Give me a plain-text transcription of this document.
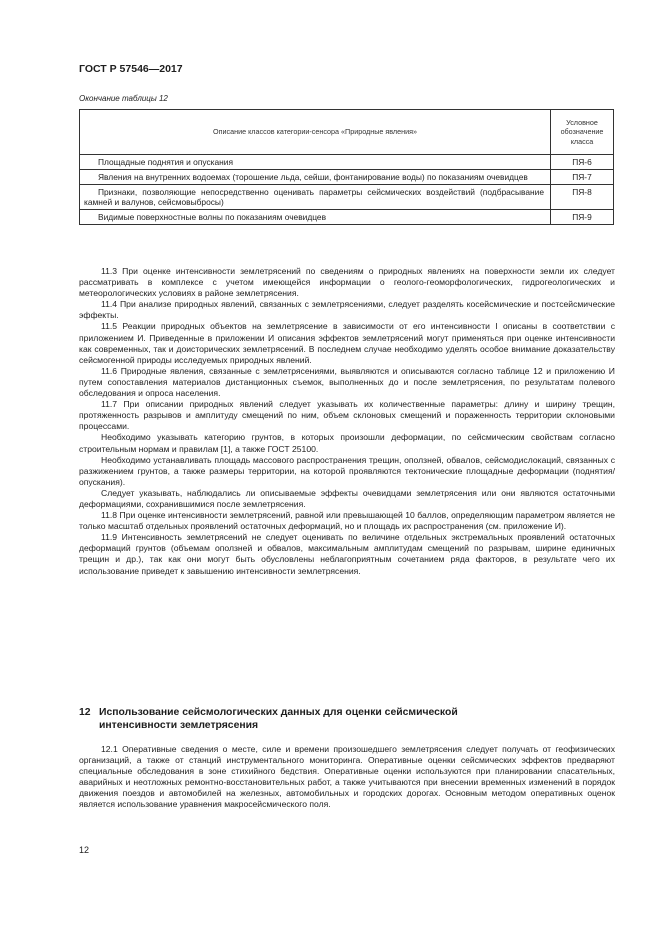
ГОСТ Р 57546—2017
Окончание таблицы 12
Описание классов категории-сенсора «Природные явления»	Условное обозначение класса
Площадные поднятия и опускания	ПЯ-6
Явления на внутренних водоемах (торошение льда, сейши, фонтанирование воды) по показаниям очевидцев	ПЯ-7
Признаки, позволяющие непосредственно оценивать параметры сейсмических воздействий (подбрасывание камней и валунов, сейсмовыбросы)	ПЯ-8
Видимые поверхностные волны по показаниям очевидцев	ПЯ-9

11.3 При оценке интенсивности землетрясений по сведениям о природных явлениях на поверхности земли их следует рассматривать в комплексе с учетом имеющейся информации о геолого-геоморфологических, гидрогеологических и метеорологических условиях в районе землетрясения.

11.4 При анализе природных явлений, связанных с землетрясениями, следует разделять косейсмические и постсейсмические эффекты.

11.5 Реакции природных объектов на землетрясение в зависимости от его интенсивности I описаны в соответствии с приложением И. Приведенные в приложении И описания эффектов землетрясений могут применяться при оценке интенсивности как современных, так и доисторических землетрясений. В последнем случае необходимо уделять особое внимание доказательству сейсмогенной природы исследуемых природных явлений.

11.6 Природные явления, связанные с землетрясениями, выявляются и описываются согласно таблице 12 и приложению И путем сопоставления материалов дистанционных съемок, выполненных до и после землетрясения, по результатам полевого обследования и опроса населения.

11.7 При описании природных явлений следует указывать их количественные параметры: длину и ширину трещин, протяженность разрывов и амплитуду смещений по ним, объем склоновых смещений и пораженность территории склоновыми процессами.

Необходимо указывать категорию грунтов, в которых произошли деформации, по сейсмическим свойствам согласно строительным нормам и правилам [1], а также ГОСТ 25100.

Необходимо устанавливать площадь массового распространения трещин, оползней, обвалов, сейсмодислокаций, связанных с разжижением грунтов, а также размеры территории, на которой проявляются тектонические площадные деформации (поднятия/опускания).

Следует указывать, наблюдались ли описываемые эффекты очевидцами землетрясения или они являются остаточными деформациями, сохранившимися после землетрясения.

11.8 При оценке интенсивности землетрясений, равной или превышающей 10 баллов, определяющим параметром является не только масштаб отдельных проявлений остаточных деформаций, но и площадь их распространения (см. приложение И).

11.9 Интенсивность землетрясений не следует оценивать по величине отдельных экстремальных проявлений остаточных деформаций грунтов (объемам оползней и обвалов, максимальным амплитудам смещений по разрывам, ширине единичных трещин и др.), так как они могут быть обусловлены неблагоприятным сочетанием ряда факторов, в результате чего их использование приведет к завышению интенсивности землетрясения.

12 Использование сейсмологических данных для оценки сейсмической
интенсивности землетрясения

12.1 Оперативные сведения о месте, силе и времени произошедшего землетрясения следует получать от геофизических организаций, а также от станций инструментального мониторинга. Оперативные оценки сейсмических эффектов предваряют специальные обследования в зоне стихийного бедствия. Оперативные оценки используются при планировании спасательных, аварийных и неотложных ремонтно-восстановительных работ, а также учитываются при внесении временных изменений в порядок движения поездов и автомобилей на железных, автомобильных и городских дорогах. Основным методом оперативных оценок является использование уравнения макросейсмического поля.

12
